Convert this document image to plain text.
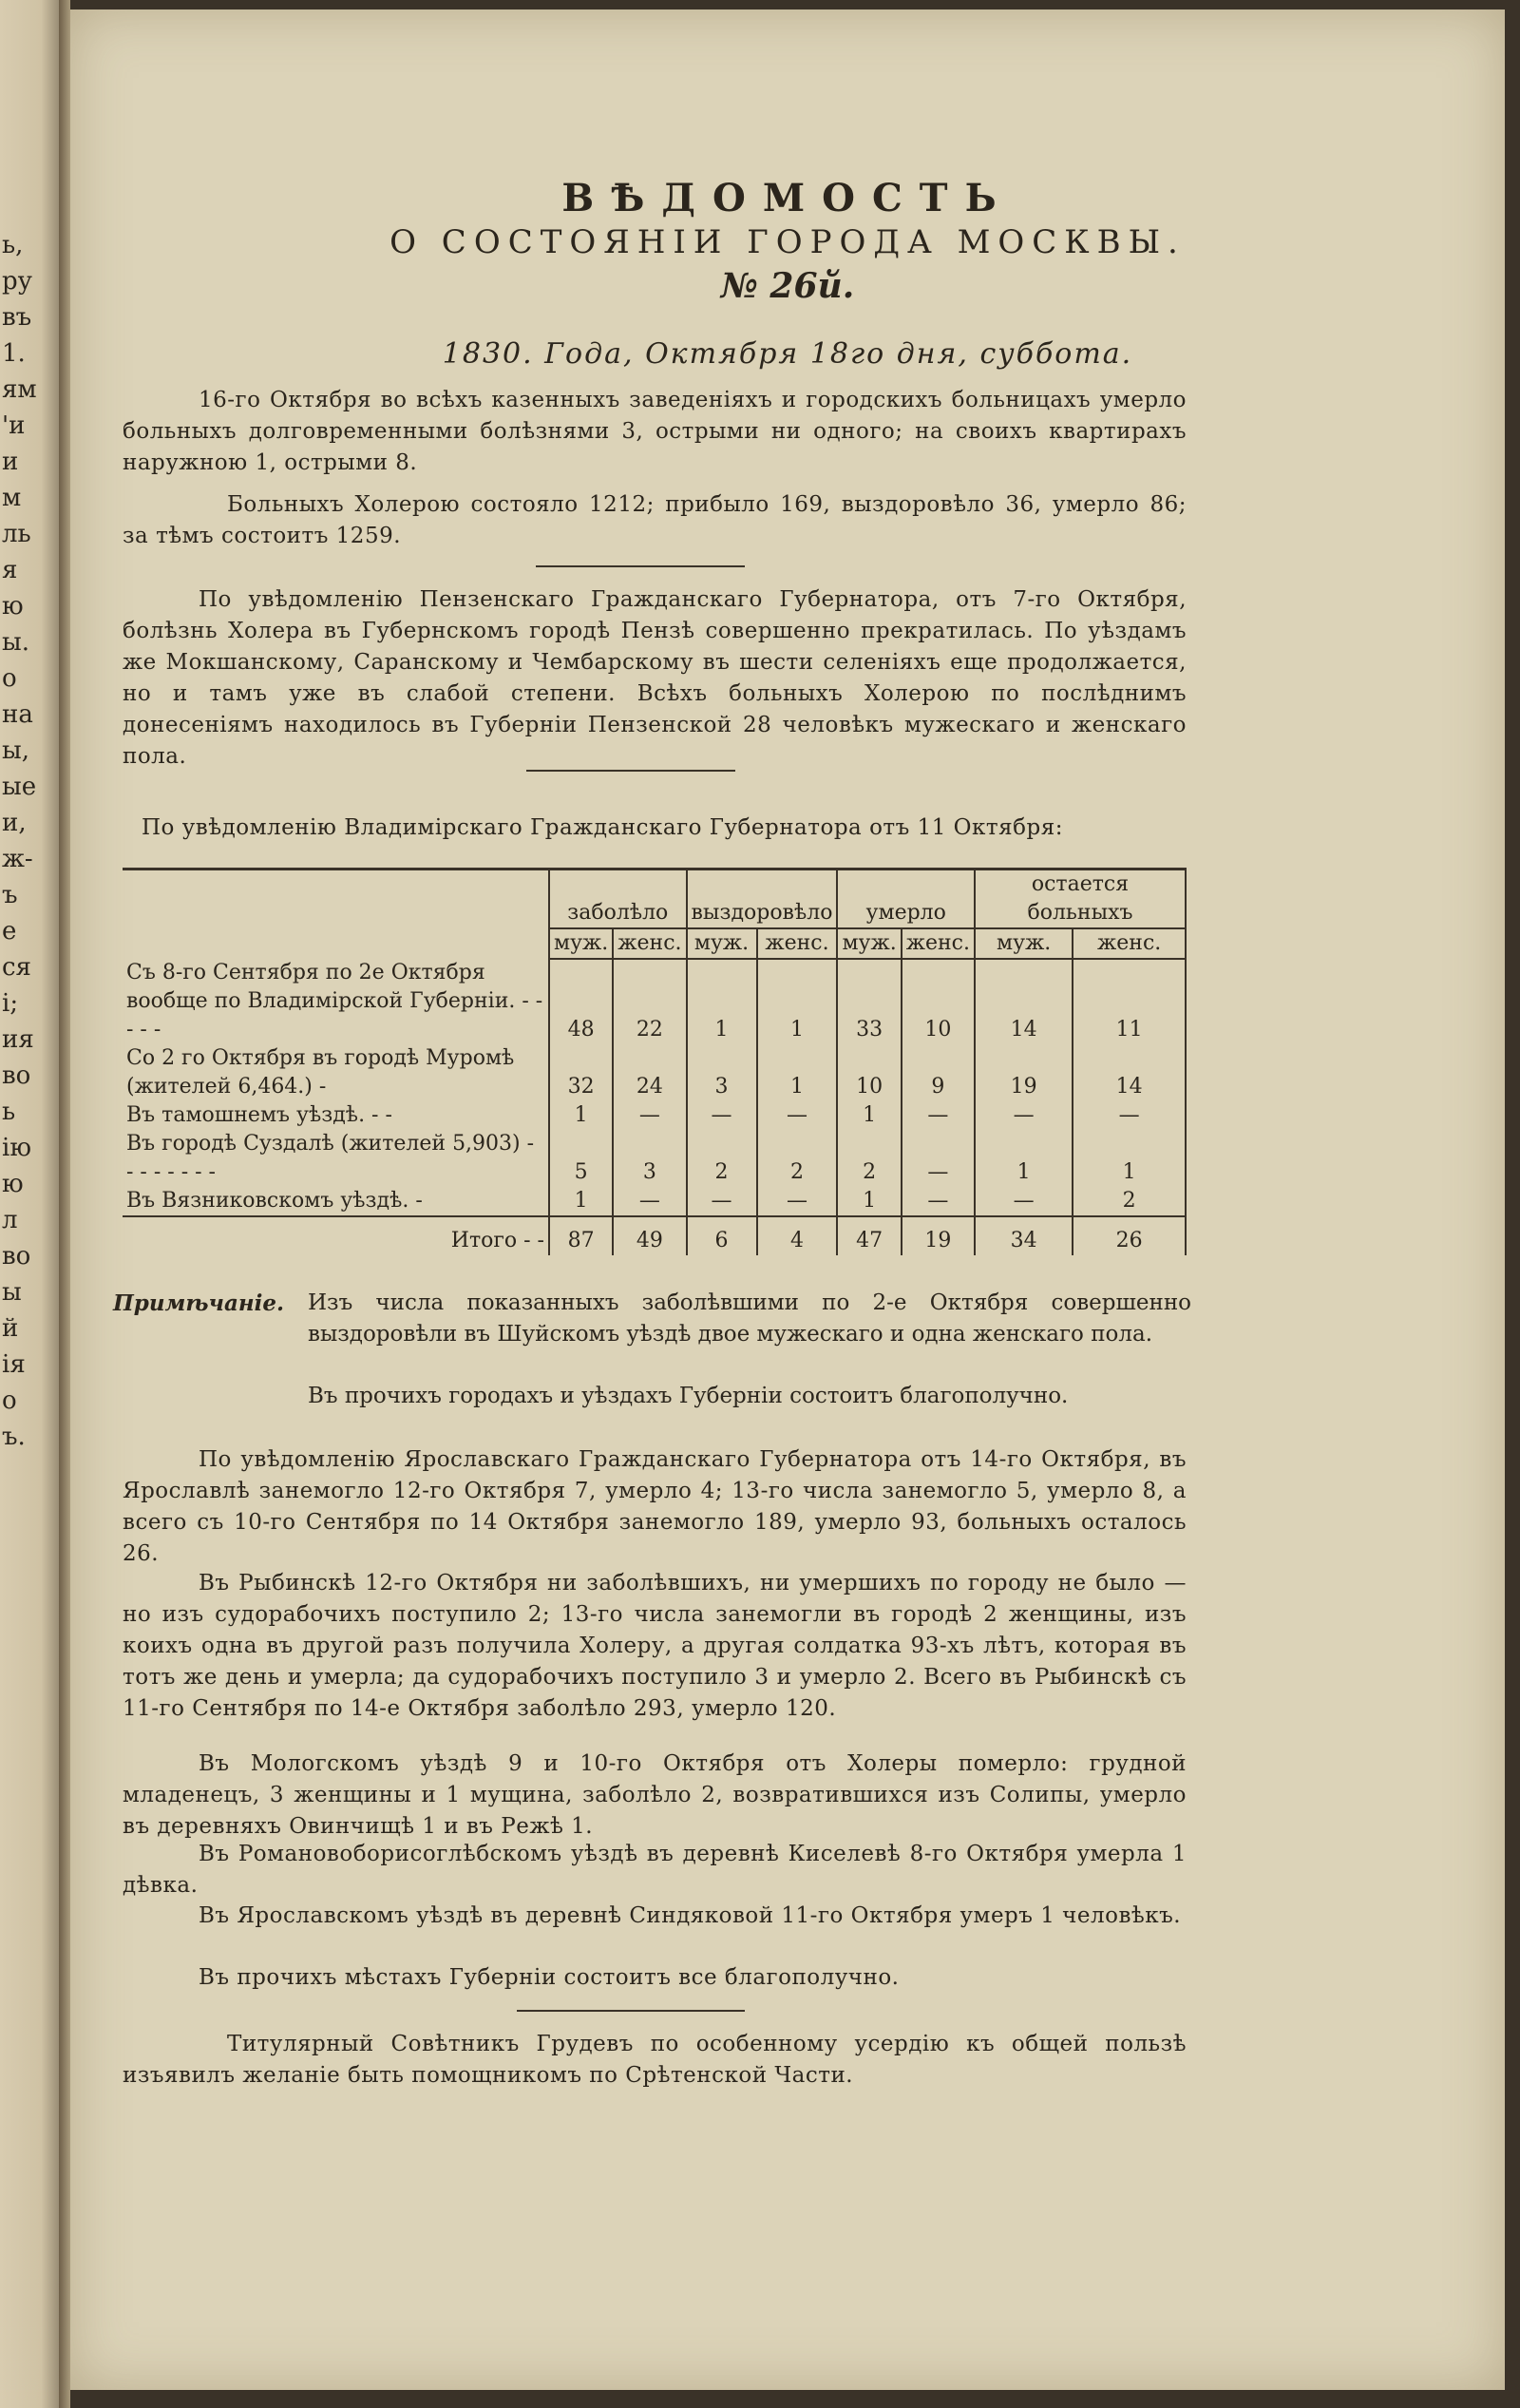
ь,
ру
въ
1.
ям
'и
и
м
ль
я
ю
ы.
о
на
ы,
ые
и,
ж-
ъ
е
ся
і;
ия
во
ь
ію
ю
л
во
ы
й
ія
о
ъ.
ВѢДОМОСТЬ
О СОСТОЯНІИ ГОРОДА МОСКВЫ.
№ 26й.
1830. Года, Октября 18го дня, суббота.
16-го Октября во всѣхъ казенныхъ заведеніяхъ и городскихъ больницахъ умерло больныхъ долговременными болѣзнями 3, острыми ни одного; на своихъ квартирахъ наружною 1, острыми 8.
Больныхъ Холерою состояло 1212; прибыло 169, выздоровѣло 36, умерло 86; за тѣмъ состоитъ 1259.
По увѣдомленію Пензенскаго Гражданскаго Губернатора, отъ 7-го Октября, болѣзнь Холера въ Губернскомъ городѣ Пензѣ совершенно прекратилась. По уѣздамъ же Мокшанскому, Саранскому и Чембарскому въ шести селеніяхъ еще продолжается, но и тамъ уже въ слабой степени. Всѣхъ больныхъ Холерою по послѣднимъ донесеніямъ находилось въ Губерніи Пензенской 28 человѣкъ мужескаго и женскаго пола.
По увѣдомленію Владимірскаго Гражданскаго Губернатора отъ 11 Октября:
	заболѣло		выздоровѣло		умерло		остается больныхъ	
	муж.	женс.	муж.	женс.	муж.	женс.	муж.	женс.
Съ 8-го Сентября по 2е Октября вообще по Владимірской Губерніи. - - - - -	48	22	1	1	33	10	14	11
Со 2 го Октября въ городѣ Муромѣ (жителей 6,464.) -	32	24	3	1	10	9	19	14
Въ тамошнемъ уѣздѣ. - -	1	—	—	—	1	—	—	—
Въ городѣ Суздалѣ (жителей 5,903) - - - - - - - -	5	3	2	2	2	—	1	1
Въ Вязниковскомъ уѣздѣ. -	1	—	—	—	1	—	—	2
Итого - -	87	49	6	4	47	19	34	26
Примѣчаніе.	Изъ числа показанныхъ заболѣвшими по 2-е Октября совершенно выздоровѣли въ Шуйскомъ уѣздѣ двое мужескаго и одна женскаго пола.
Въ прочихъ городахъ и уѣздахъ Губерніи состоитъ благополучно.
По увѣдомленію Ярославскаго Гражданскаго Губернатора отъ 14-го Октября, въ Ярославлѣ занемогло 12-го Октября 7, умерло 4; 13-го числа занемогло 5, умерло 8, а всего съ 10-го Сентября по 14 Октября занемогло 189, умерло 93, больныхъ осталось 26.
Въ Рыбинскѣ 12-го Октября ни заболѣвшихъ, ни умершихъ по городу не было — но изъ судорабочихъ поступило 2; 13-го числа занемогли въ городѣ 2 женщины, изъ коихъ одна въ другой разъ получила Холеру, а другая солдатка 93-хъ лѣтъ, которая въ тотъ же день и умерла; да судорабочихъ поступило 3 и умерло 2. Всего въ Рыбинскѣ съ 11-го Сентября по 14-е Октября заболѣло 293, умерло 120.
Въ Мологскомъ уѣздѣ 9 и 10-го Октября отъ Холеры померло: грудной младенецъ, 3 женщины и 1 мущина, заболѣло 2, возвратившихся изъ Солипы, умерло въ деревняхъ Овинчищѣ 1 и въ Режѣ 1.
Въ Романовоборисоглѣбскомъ уѣздѣ въ деревнѣ Киселевѣ 8-го Октября умерла 1 дѣвка.
Въ Ярославскомъ уѣздѣ въ деревнѣ Синдяковой 11-го Октября умеръ 1 человѣкъ.
Въ прочихъ мѣстахъ Губерніи состоитъ все благополучно.
Титулярный Совѣтникъ Грудевъ по особенному усердію къ общей пользѣ изъявилъ желаніе быть помощникомъ по Срѣтенской Части.
